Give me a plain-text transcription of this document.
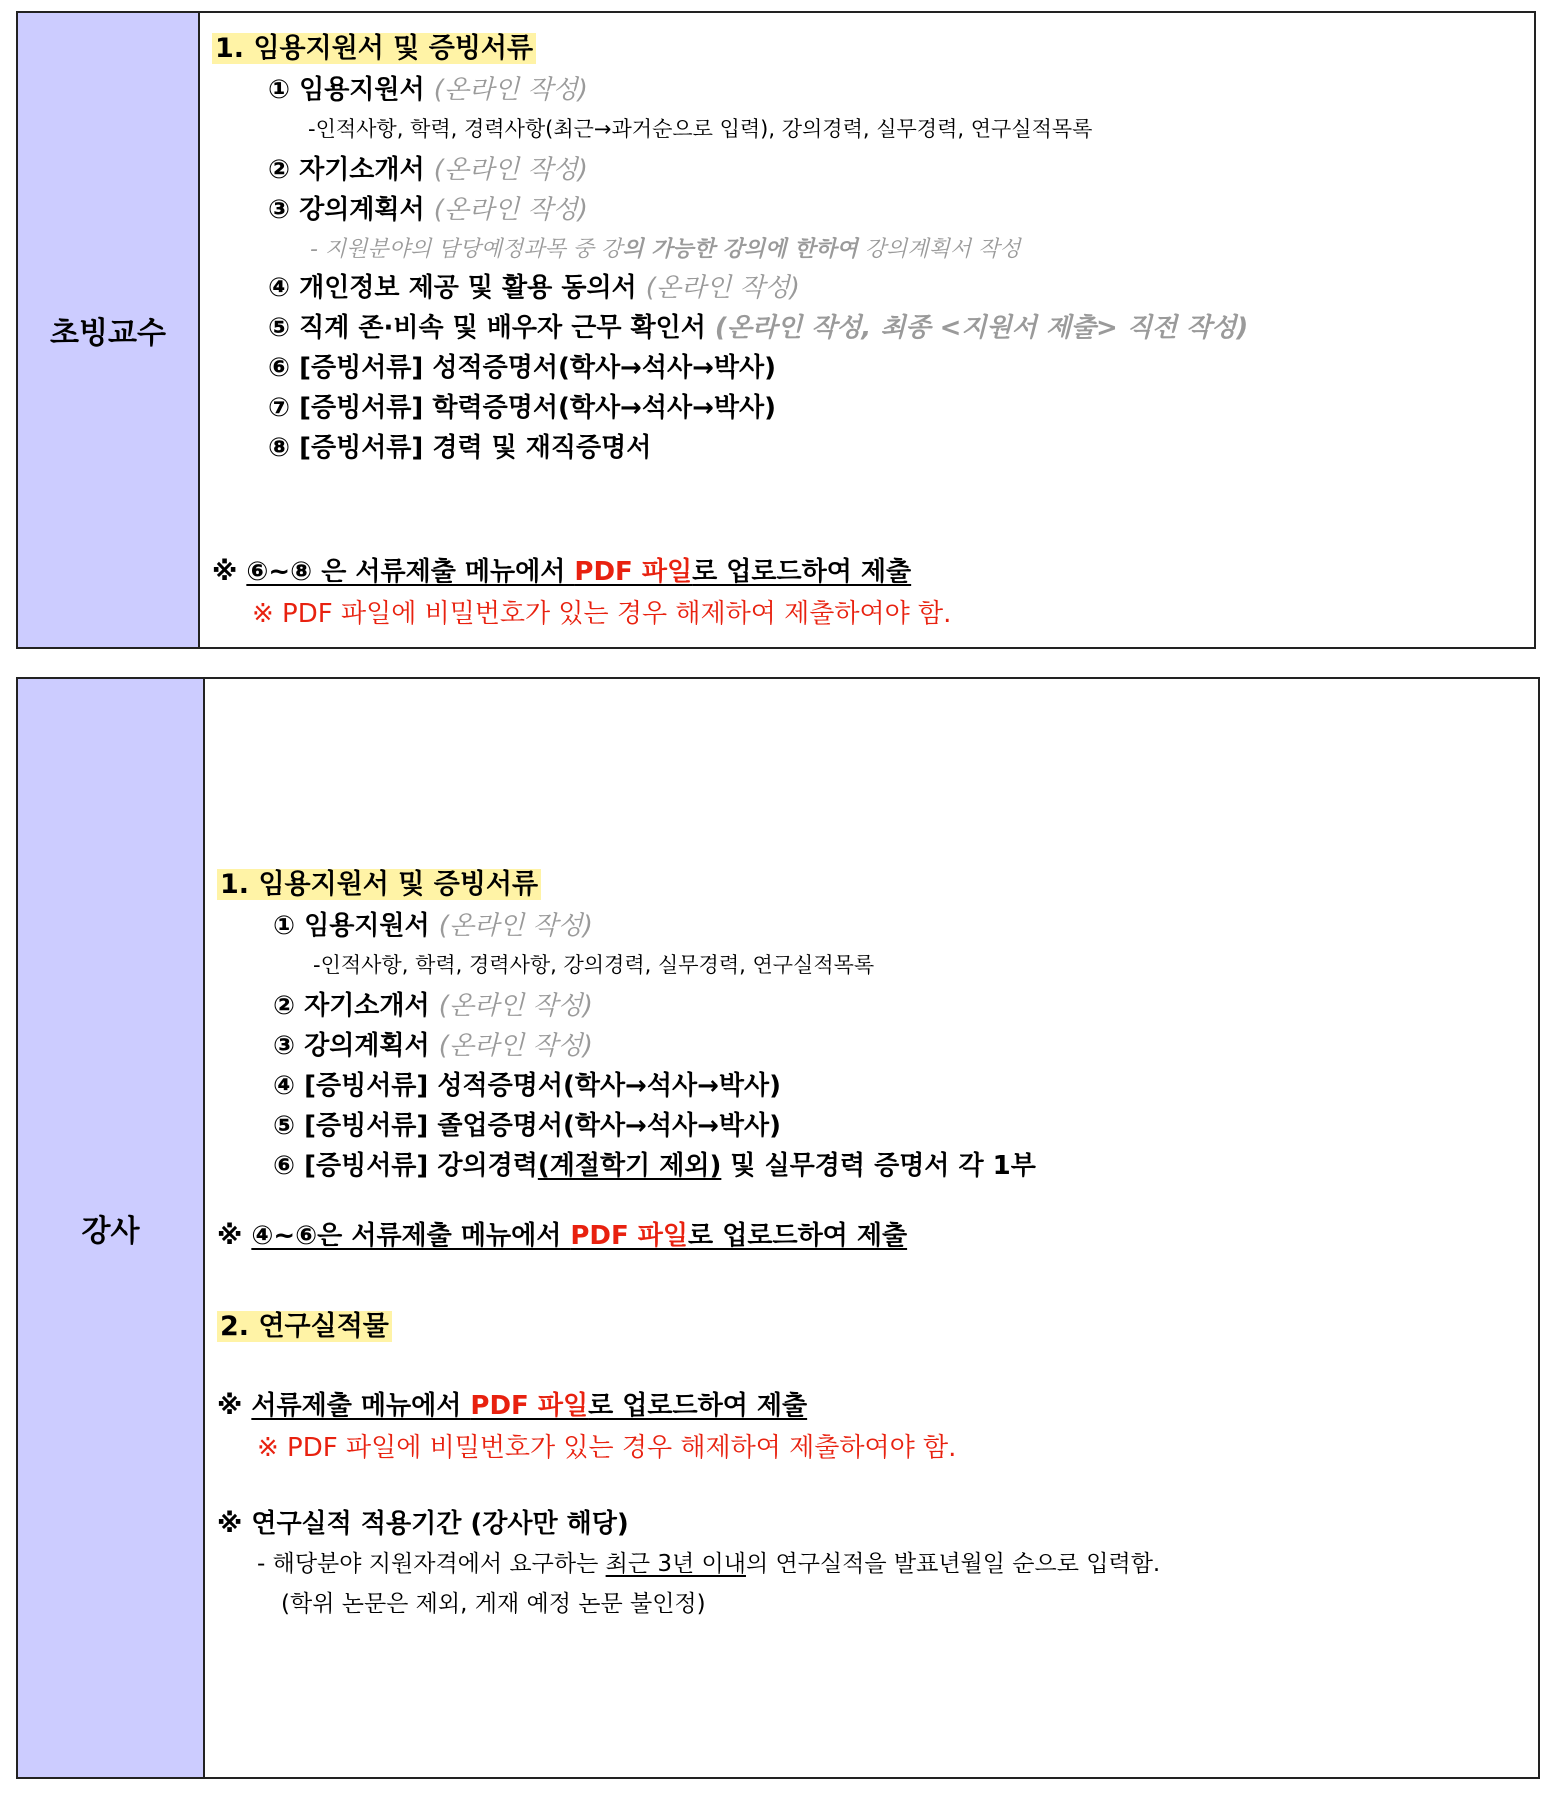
초빙교수
1. 임용지원서 및 증빙서류
① 임용지원서 (온라인 작성)
-인적사항, 학력, 경력사항(최근→과거순으로 입력), 강의경력, 실무경력, 연구실적목록
② 자기소개서 (온라인 작성)
③ 강의계획서 (온라인 작성)
- 지원분야의 담당예정과목 중 강의 가능한 강의에 한하여 강의계획서 작성
④ 개인정보 제공 및 활용 동의서 (온라인 작성)
⑤ 직계 존·비속 및 배우자 근무 확인서 (온라인 작성, 최종 <지원서 제출> 직전 작성)
⑥ [증빙서류] 성적증명서(학사→석사→박사)
⑦ [증빙서류] 학력증명서(학사→석사→박사)
⑧ [증빙서류] 경력 및 재직증명서
※ ⑥~⑧ 은 서류제출 메뉴에서 PDF 파일로 업로드하여 제출
※ PDF 파일에 비밀번호가 있는 경우 해제하여 제출하여야 함.
강사
1. 임용지원서 및 증빙서류
① 임용지원서 (온라인 작성)
-인적사항, 학력, 경력사항, 강의경력, 실무경력, 연구실적목록
② 자기소개서 (온라인 작성)
③ 강의계획서 (온라인 작성)
④ [증빙서류] 성적증명서(학사→석사→박사)
⑤ [증빙서류] 졸업증명서(학사→석사→박사)
⑥ [증빙서류] 강의경력(계절학기 제외) 및 실무경력 증명서 각 1부
※ ④~⑥은 서류제출 메뉴에서 PDF 파일로 업로드하여 제출
2. 연구실적물
※ 서류제출 메뉴에서 PDF 파일로 업로드하여 제출
※ PDF 파일에 비밀번호가 있는 경우 해제하여 제출하여야 함.
※ 연구실적 적용기간 (강사만 해당)
- 해당분야 지원자격에서 요구하는 최근 3년 이내의 연구실적을 발표년월일 순으로 입력함.
(학위 논문은 제외, 게재 예정 논문 불인정)
